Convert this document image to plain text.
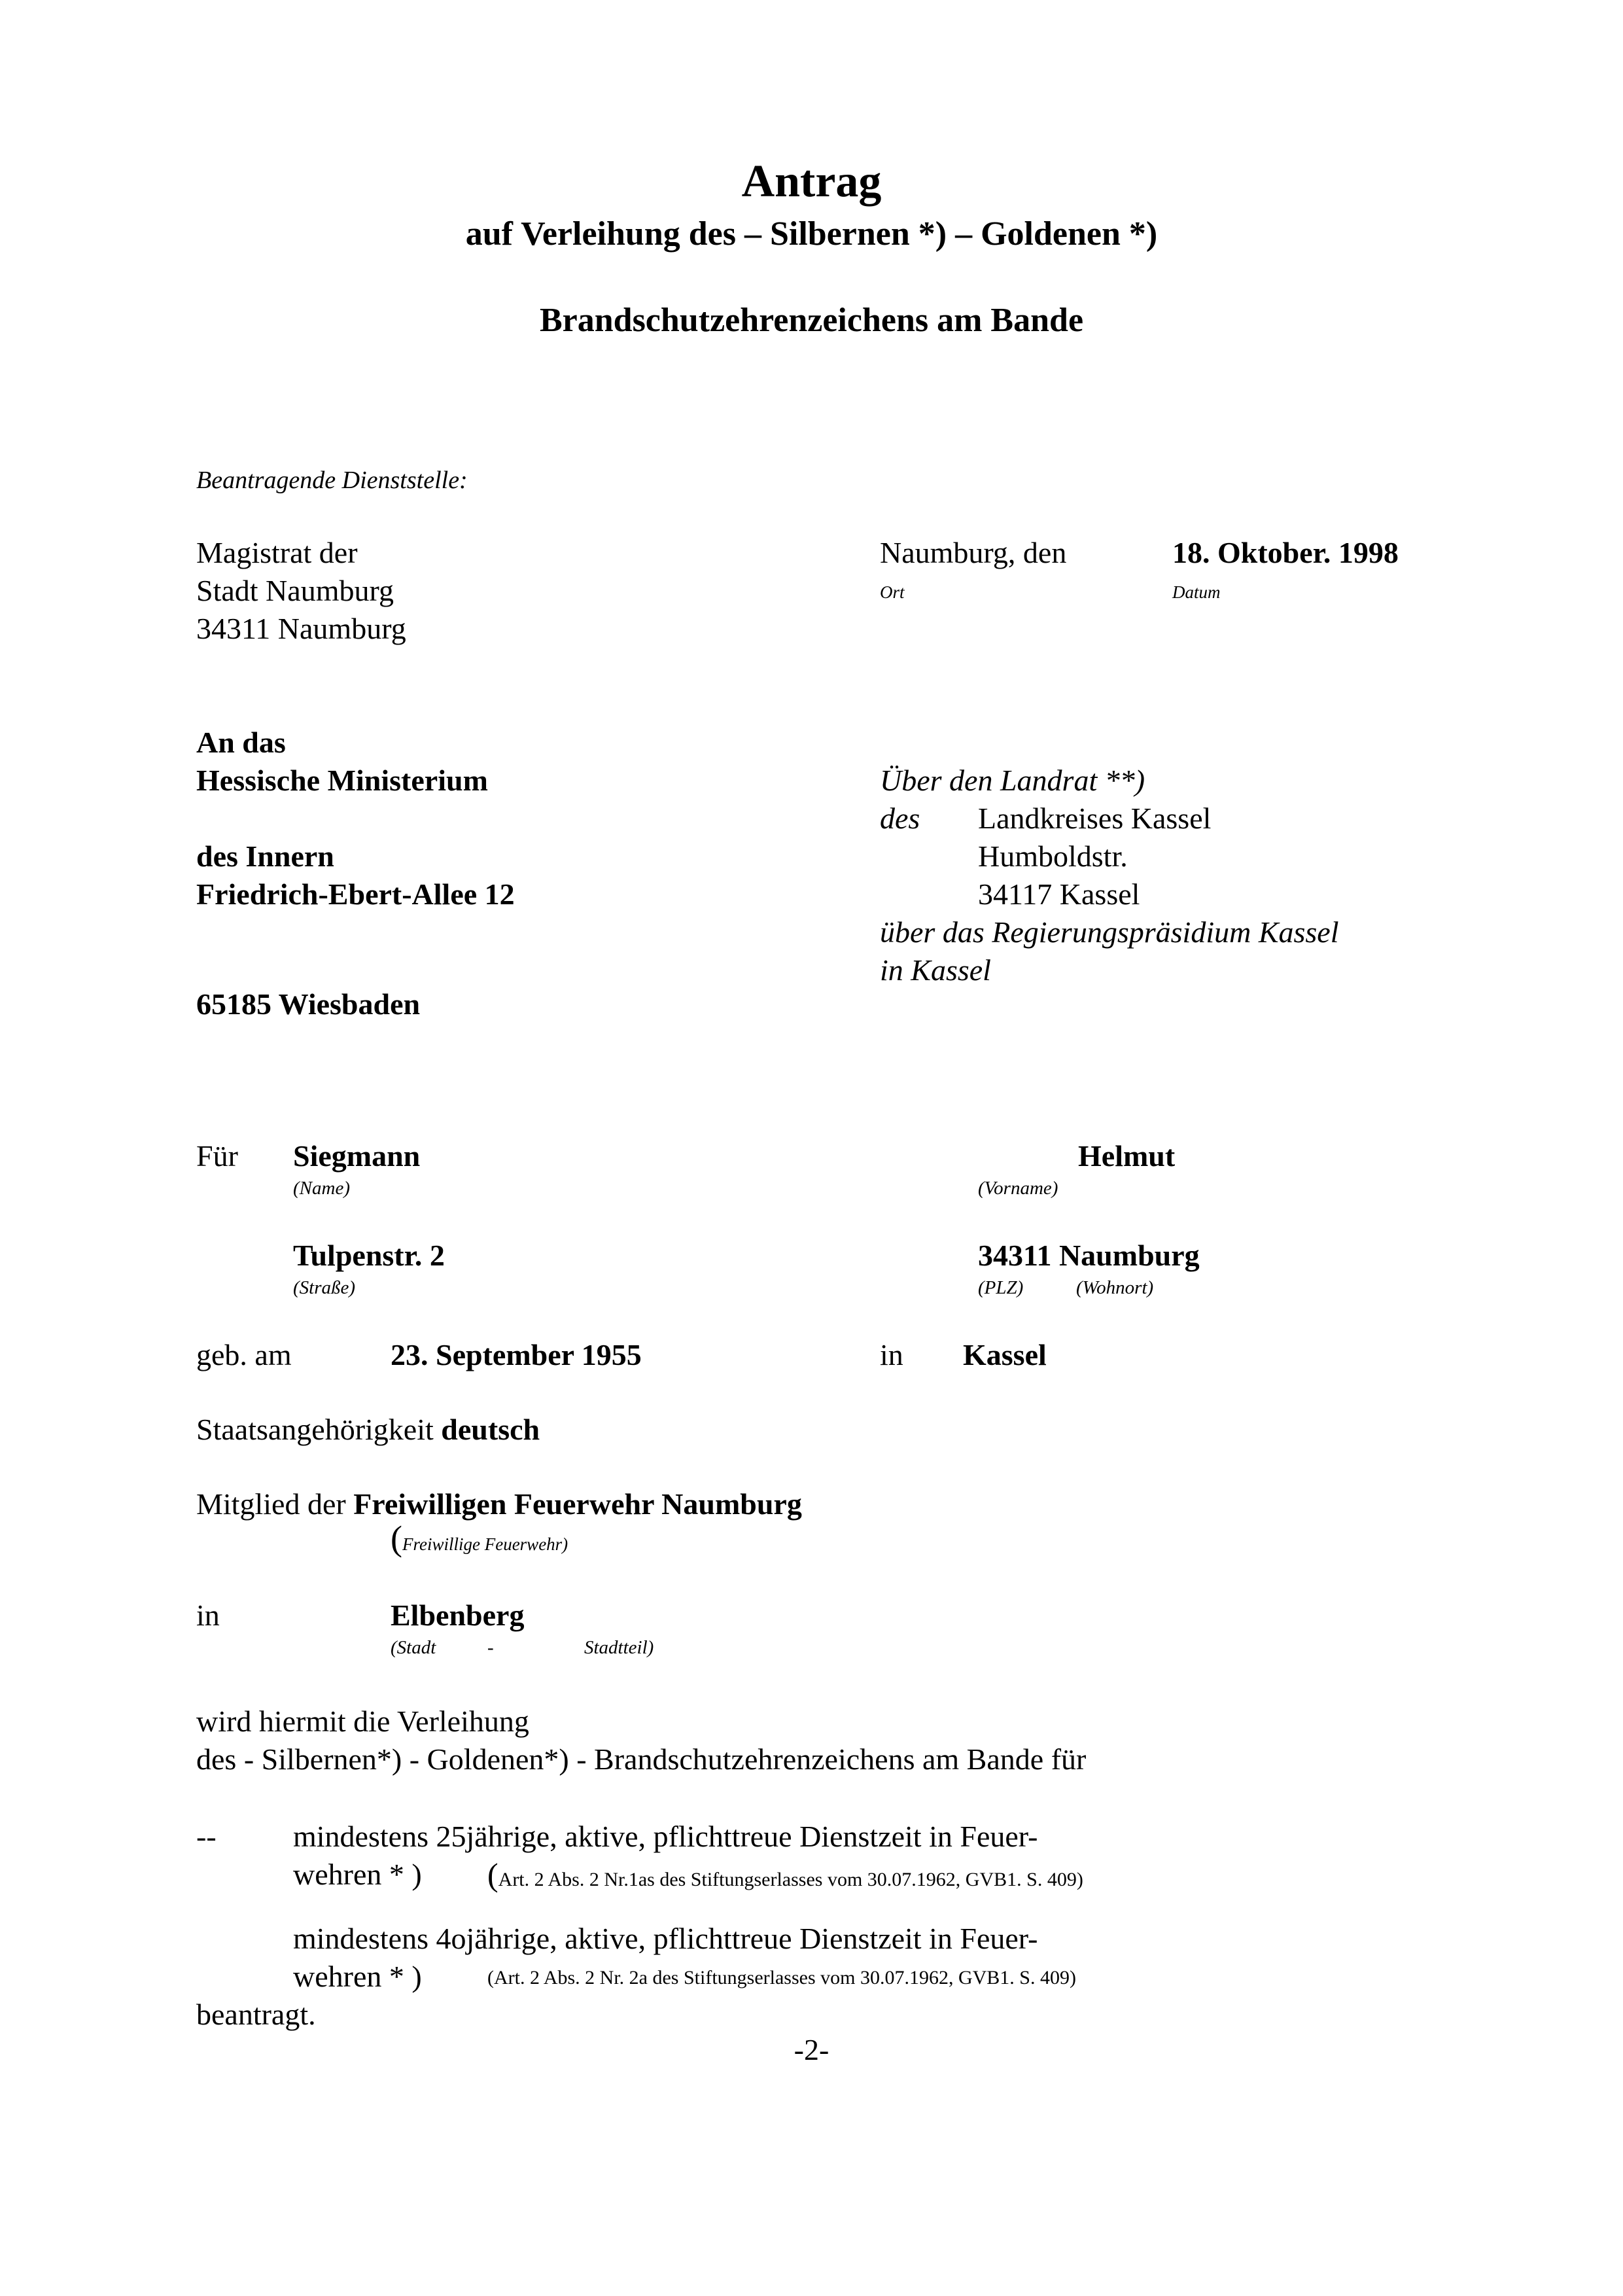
Antrag
auf Verleihung des – Silbernen *) – Goldenen *)
Brandschutzehrenzeichens am Bande
Beantragende Dienststelle:
Magistrat der
Stadt Naumburg
34311 Naumburg
Naumburg, den	18. Oktober. 1998
Ort	Datum
An das
Hessische Ministerium
des Innern
Friedrich-Ebert-Allee 12
65185 Wiesbaden
Über den Landrat **)
des Landkreises Kassel
Humboldstr.
34117 Kassel
über das Regierungspräsidium Kassel
in Kassel
Für Siegmann	Helmut
(Name)	(Vorname)
Tulpenstr. 2	34311 Naumburg
(Straße)	(PLZ)	(Wohnort)
geb. am	23. September 1955	in Kassel
Staatsangehörigkeit deutsch
Mitglied der Freiwilligen Feuerwehr Naumburg
(Freiwillige Feuerwehr)
in	Elbenberg
(Stadt	-	Stadtteil)
wird hiermit die Verleihung
des - Silbernen*) - Goldenen*) - Brandschutzehrenzeichens am Bande für
--	mindestens 25jährige, aktive, pflichttreue Dienstzeit in Feuer-
wehren * ) (Art. 2 Abs. 2 Nr.1as des Stiftungserlasses vom 30.07.1962, GVB1. S. 409)
mindestens 4ojährige, aktive, pflichttreue Dienstzeit in Feuer-
wehren * )	(Art. 2 Abs. 2 Nr. 2a des Stiftungserlasses vom 30.07.1962, GVB1. S. 409)
beantragt.
-2-
